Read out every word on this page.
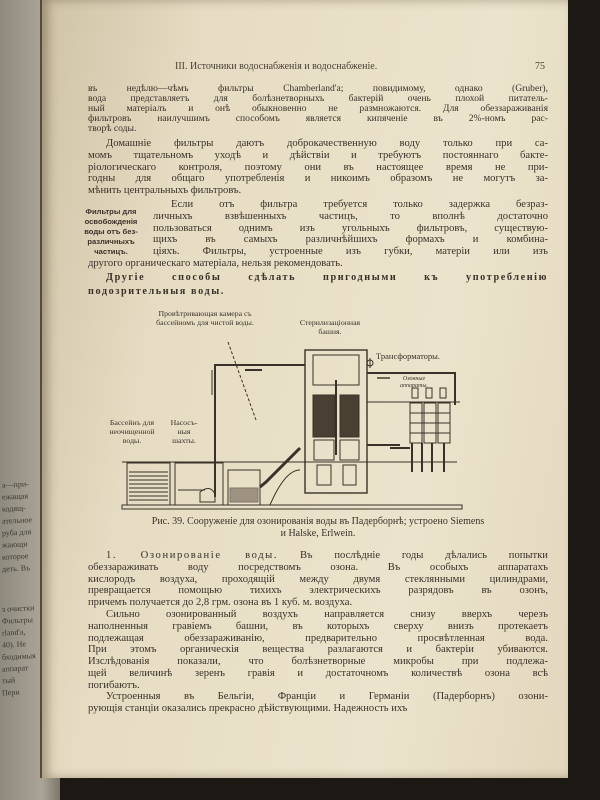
а—при-
ежащая
кодящ-
ательное
руба для
жающи
которое
деть. Въ
з очистки
Фильтры
rland'a,
40). Не
бходимыя
аппарат
тый
Пери
III. Источники водоснабженія и водоснабженіе.	75
въ недѣлю—чѣмъ фильтры Chamberland'a; повидимому, однако (Gruber),
вода представляетъ для болѣзнетворныхъ бактерій очень плохой питатель-
ный матеріалъ и онѣ обыкновенно не размножаются. Для обеззараживанія
фильтровъ наилучшимъ способомъ является кипяченіе въ 2%-номъ рас-
творѣ соды.
Домашніе фильтры даютъ доброкачественную воду только при са-
момъ тщательномъ уходѣ и дѣйствіи и требуютъ постояннаго бакте-
ріологическаго контроля, поэтому они въ настоящее время не при-
годны для общаго употребленія и никоимъ образомъ не могутъ за-
мѣнить центральныхъ фильтровъ.
Фильтры для освобожденія воды отъ без-различныхъ частицъ.
Если отъ фильтра требуется только задержка безраз-
личныхъ взвѣшенныхъ частицъ, то вполнѣ достаточно
пользоваться однимъ изъ угольныхъ фильтровъ, существую-
щихъ въ самыхъ различнѣйшихъ формахъ и комбина-
ціяхъ. Фильтры, устроенные изъ губки, матеріи или изъ
другого органическаго матеріала, нельзя рекомендовать.
Другіе способы сдѣлать пригодными къ употребленію
подозрительныя воды.
Провѣтривающая камера съ бассейномъ для чистой воды.	Стерилизаціонная башня.
Трансформаторы.
Озонные аппараты.
Бассейнъ для неочищенной воды.
Насосъ-ныя шахты.
Рис. 39. Сооруженіе для озонированія воды въ Падерборнѣ; устроено Siemens
и Halske, Erlwein.
1. Озонированіе воды. Въ послѣдніе годы дѣлались попытки
обеззараживать воду посредствомъ озона. Въ особыхъ аппаратахъ
кислородъ воздуха, проходящій между двумя стеклянными цилиндрами,
превращается помощью тихихъ электрическихъ разрядовъ въ озонъ,
причемъ получается до 2,8 грм. озона въ 1 куб. м. воздуха.
Сильно озонированный воздухъ направляется снизу вверхъ черезъ
наполненныя гравіемъ башни, въ которыхъ сверху внизъ протекаетъ
подлежащая обеззараживанію, предварительно просвѣтленная вода.
При этомъ органическія вещества разлагаются и бактеріи убиваются.
Изслѣдованія показали, что болѣзнетворные микробы при подлежа-
щей величинѣ зеренъ гравія и достаточномъ количествѣ озона всѣ
погибаютъ.
Устроенныя въ Бельгіи, Франціи и Германіи (Падерборнъ) озони-
рующія станціи оказались прекрасно дѣйствующими. Надежность ихъ
